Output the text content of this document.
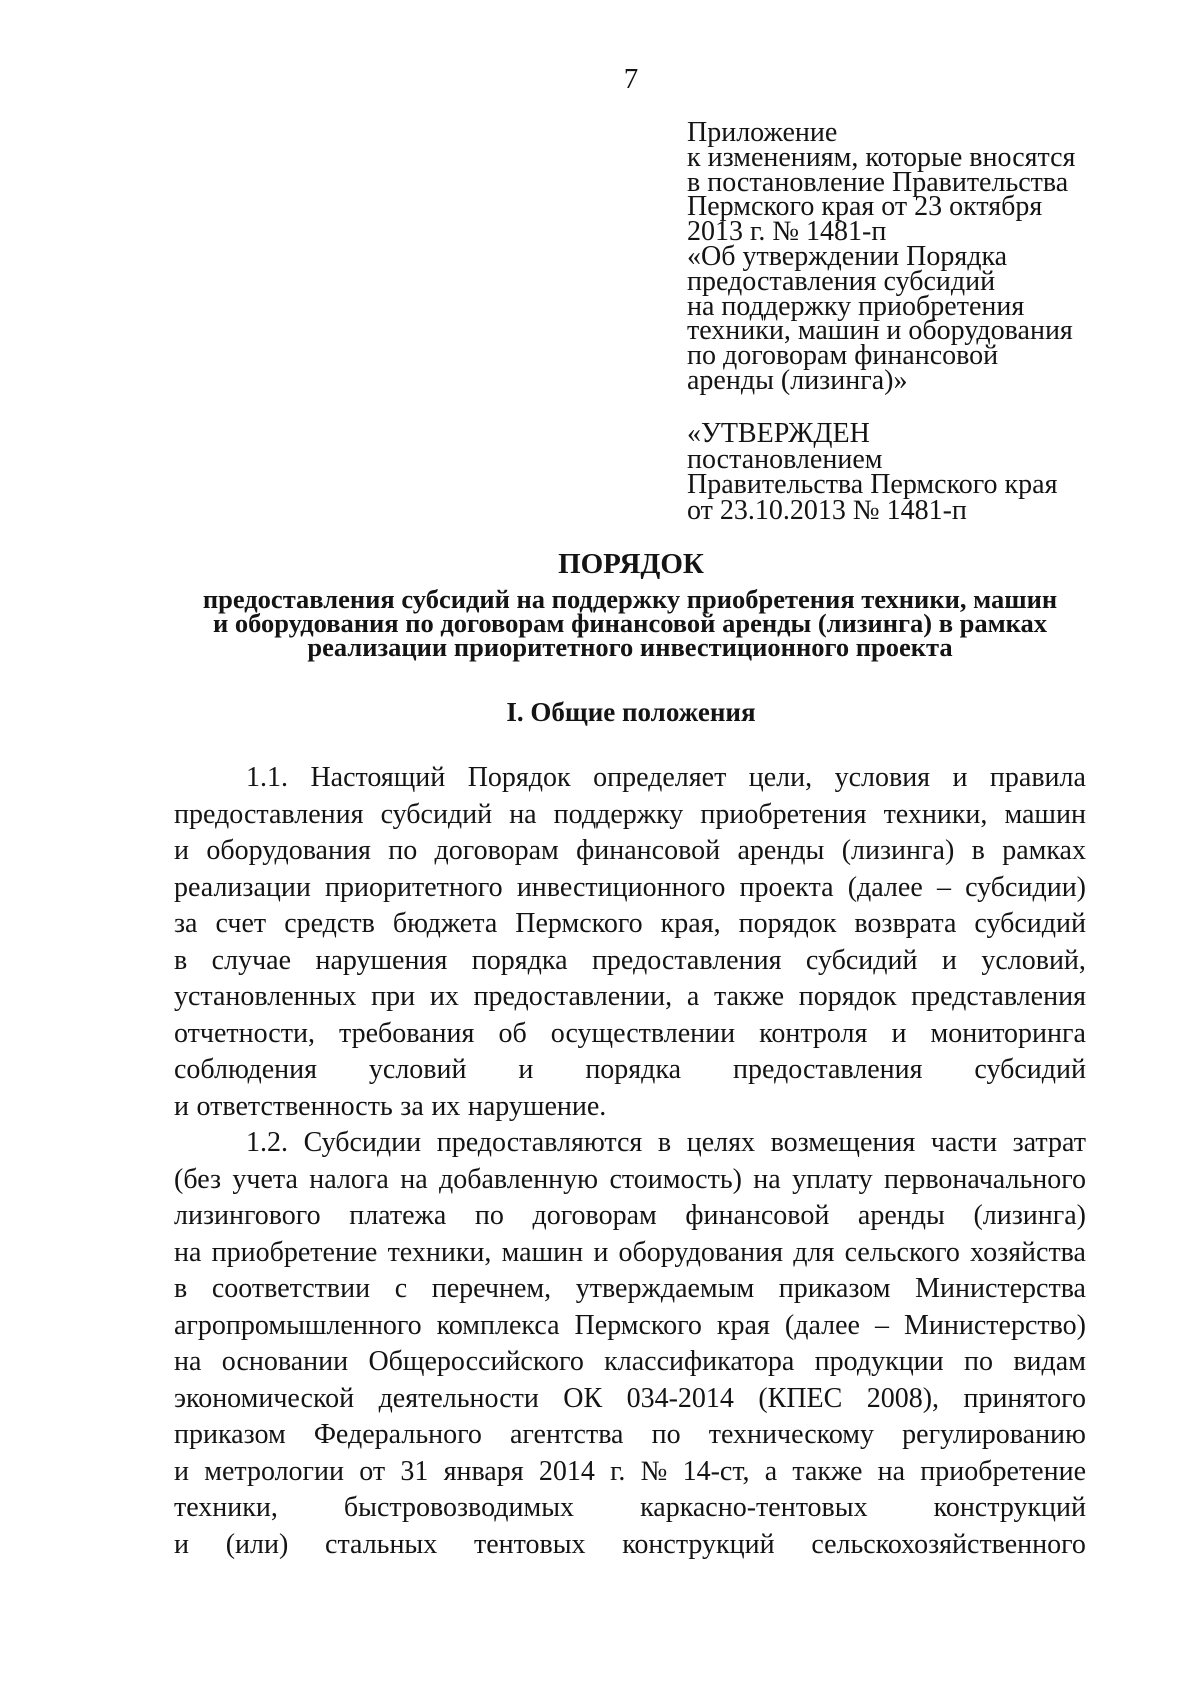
7
Приложение
к изменениям, которые вносятся
в постановление Правительства
Пермского края от 23 октября
2013 г. № 1481-п
«Об утверждении Порядка
предоставления субсидий
на поддержку приобретения
техники, машин и оборудования
по договорам финансовой
аренды (лизинга)»
«УТВЕРЖДЕН
постановлением
Правительства Пермского края
от 23.10.2013 № 1481-п
ПОРЯДОК
предоставления субсидий на поддержку приобретения техники, машин
и оборудования по договорам финансовой аренды (лизинга) в рамках
реализации приоритетного инвестиционного проекта
I. Общие положения
1.1. Настоящий Порядок определяет цели, условия и правила
предоставления субсидий на поддержку приобретения техники, машин
и оборудования по договорам финансовой аренды (лизинга) в рамках
реализации приоритетного инвестиционного проекта (далее – субсидии)
за счет средств бюджета Пермского края, порядок возврата субсидий
в случае нарушения порядка предоставления субсидий и условий,
установленных при их предоставлении, а также порядок представления
отчетности, требования об осуществлении контроля и мониторинга
соблюдения условий и порядка предоставления субсидий
и ответственность за их нарушение.
1.2. Субсидии предоставляются в целях возмещения части затрат
(без учета налога на добавленную стоимость) на уплату первоначального
лизингового платежа по договорам финансовой аренды (лизинга)
на приобретение техники, машин и оборудования для сельского хозяйства
в соответствии с перечнем, утверждаемым приказом Министерства
агропромышленного комплекса Пермского края (далее – Министерство)
на основании Общероссийского классификатора продукции по видам
экономической деятельности ОК 034-2014 (КПЕС 2008), принятого
приказом Федерального агентства по техническому регулированию
и метрологии от 31 января 2014 г. № 14-ст, а также на приобретение
техники, быстровозводимых каркасно-тентовых конструкций
и (или) стальных тентовых конструкций сельскохозяйственного
